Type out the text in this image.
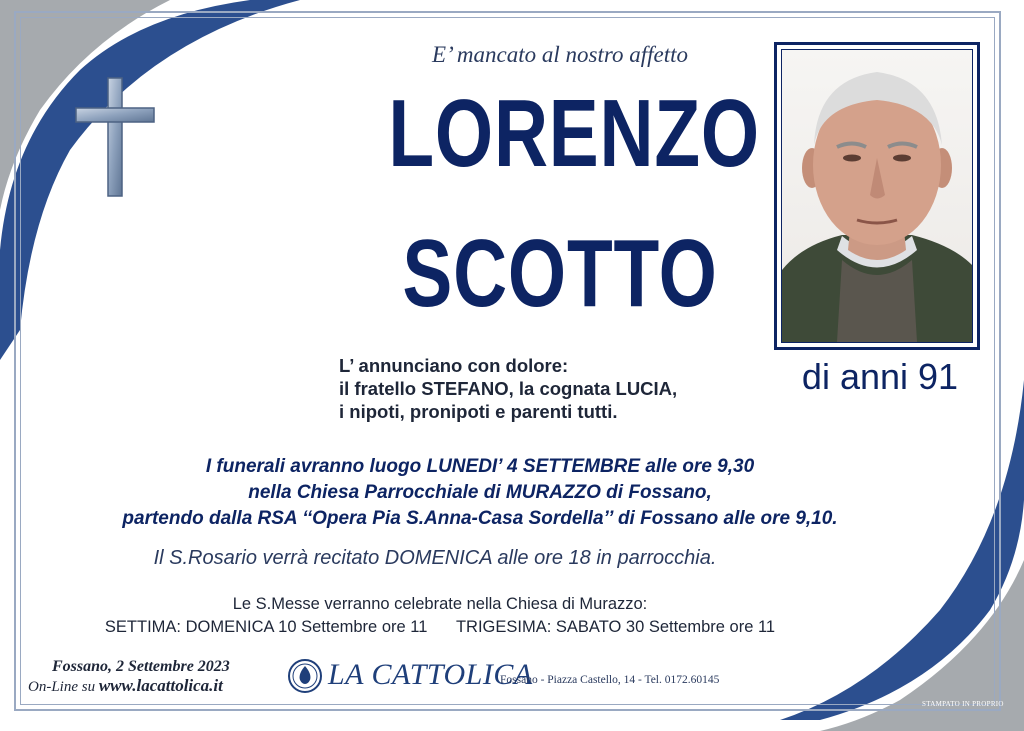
E’ mancato al nostro affetto
LORENZO
SCOTTO
di anni 91
L’ annunciano con dolore:
il fratello STEFANO, la cognata LUCIA,
i nipoti, pronipoti e parenti tutti.
I funerali avranno luogo LUNEDI’ 4 SETTEMBRE alle ore 9,30
nella Chiesa Parrocchiale di MURAZZO di Fossano,
partendo dalla RSA ‘‘Opera Pia S.Anna-Casa Sordella’’ di Fossano alle ore 9,10.
Il S.Rosario verrà recitato DOMENICA alle ore 18 in parrocchia.
Le S.Messe verranno celebrate nella Chiesa di Murazzo:
SETTIMA: DOMENICA 10 Settembre ore 11 TRIGESIMA: SABATO 30 Settembre ore 11
Fossano, 2 Settembre 2023
On-Line su www.lacattolica.it	LA CATTOLICA
Fossano - Piazza Castello, 14 - Tel. 0172.60145
STAMPATO IN PROPRIO
